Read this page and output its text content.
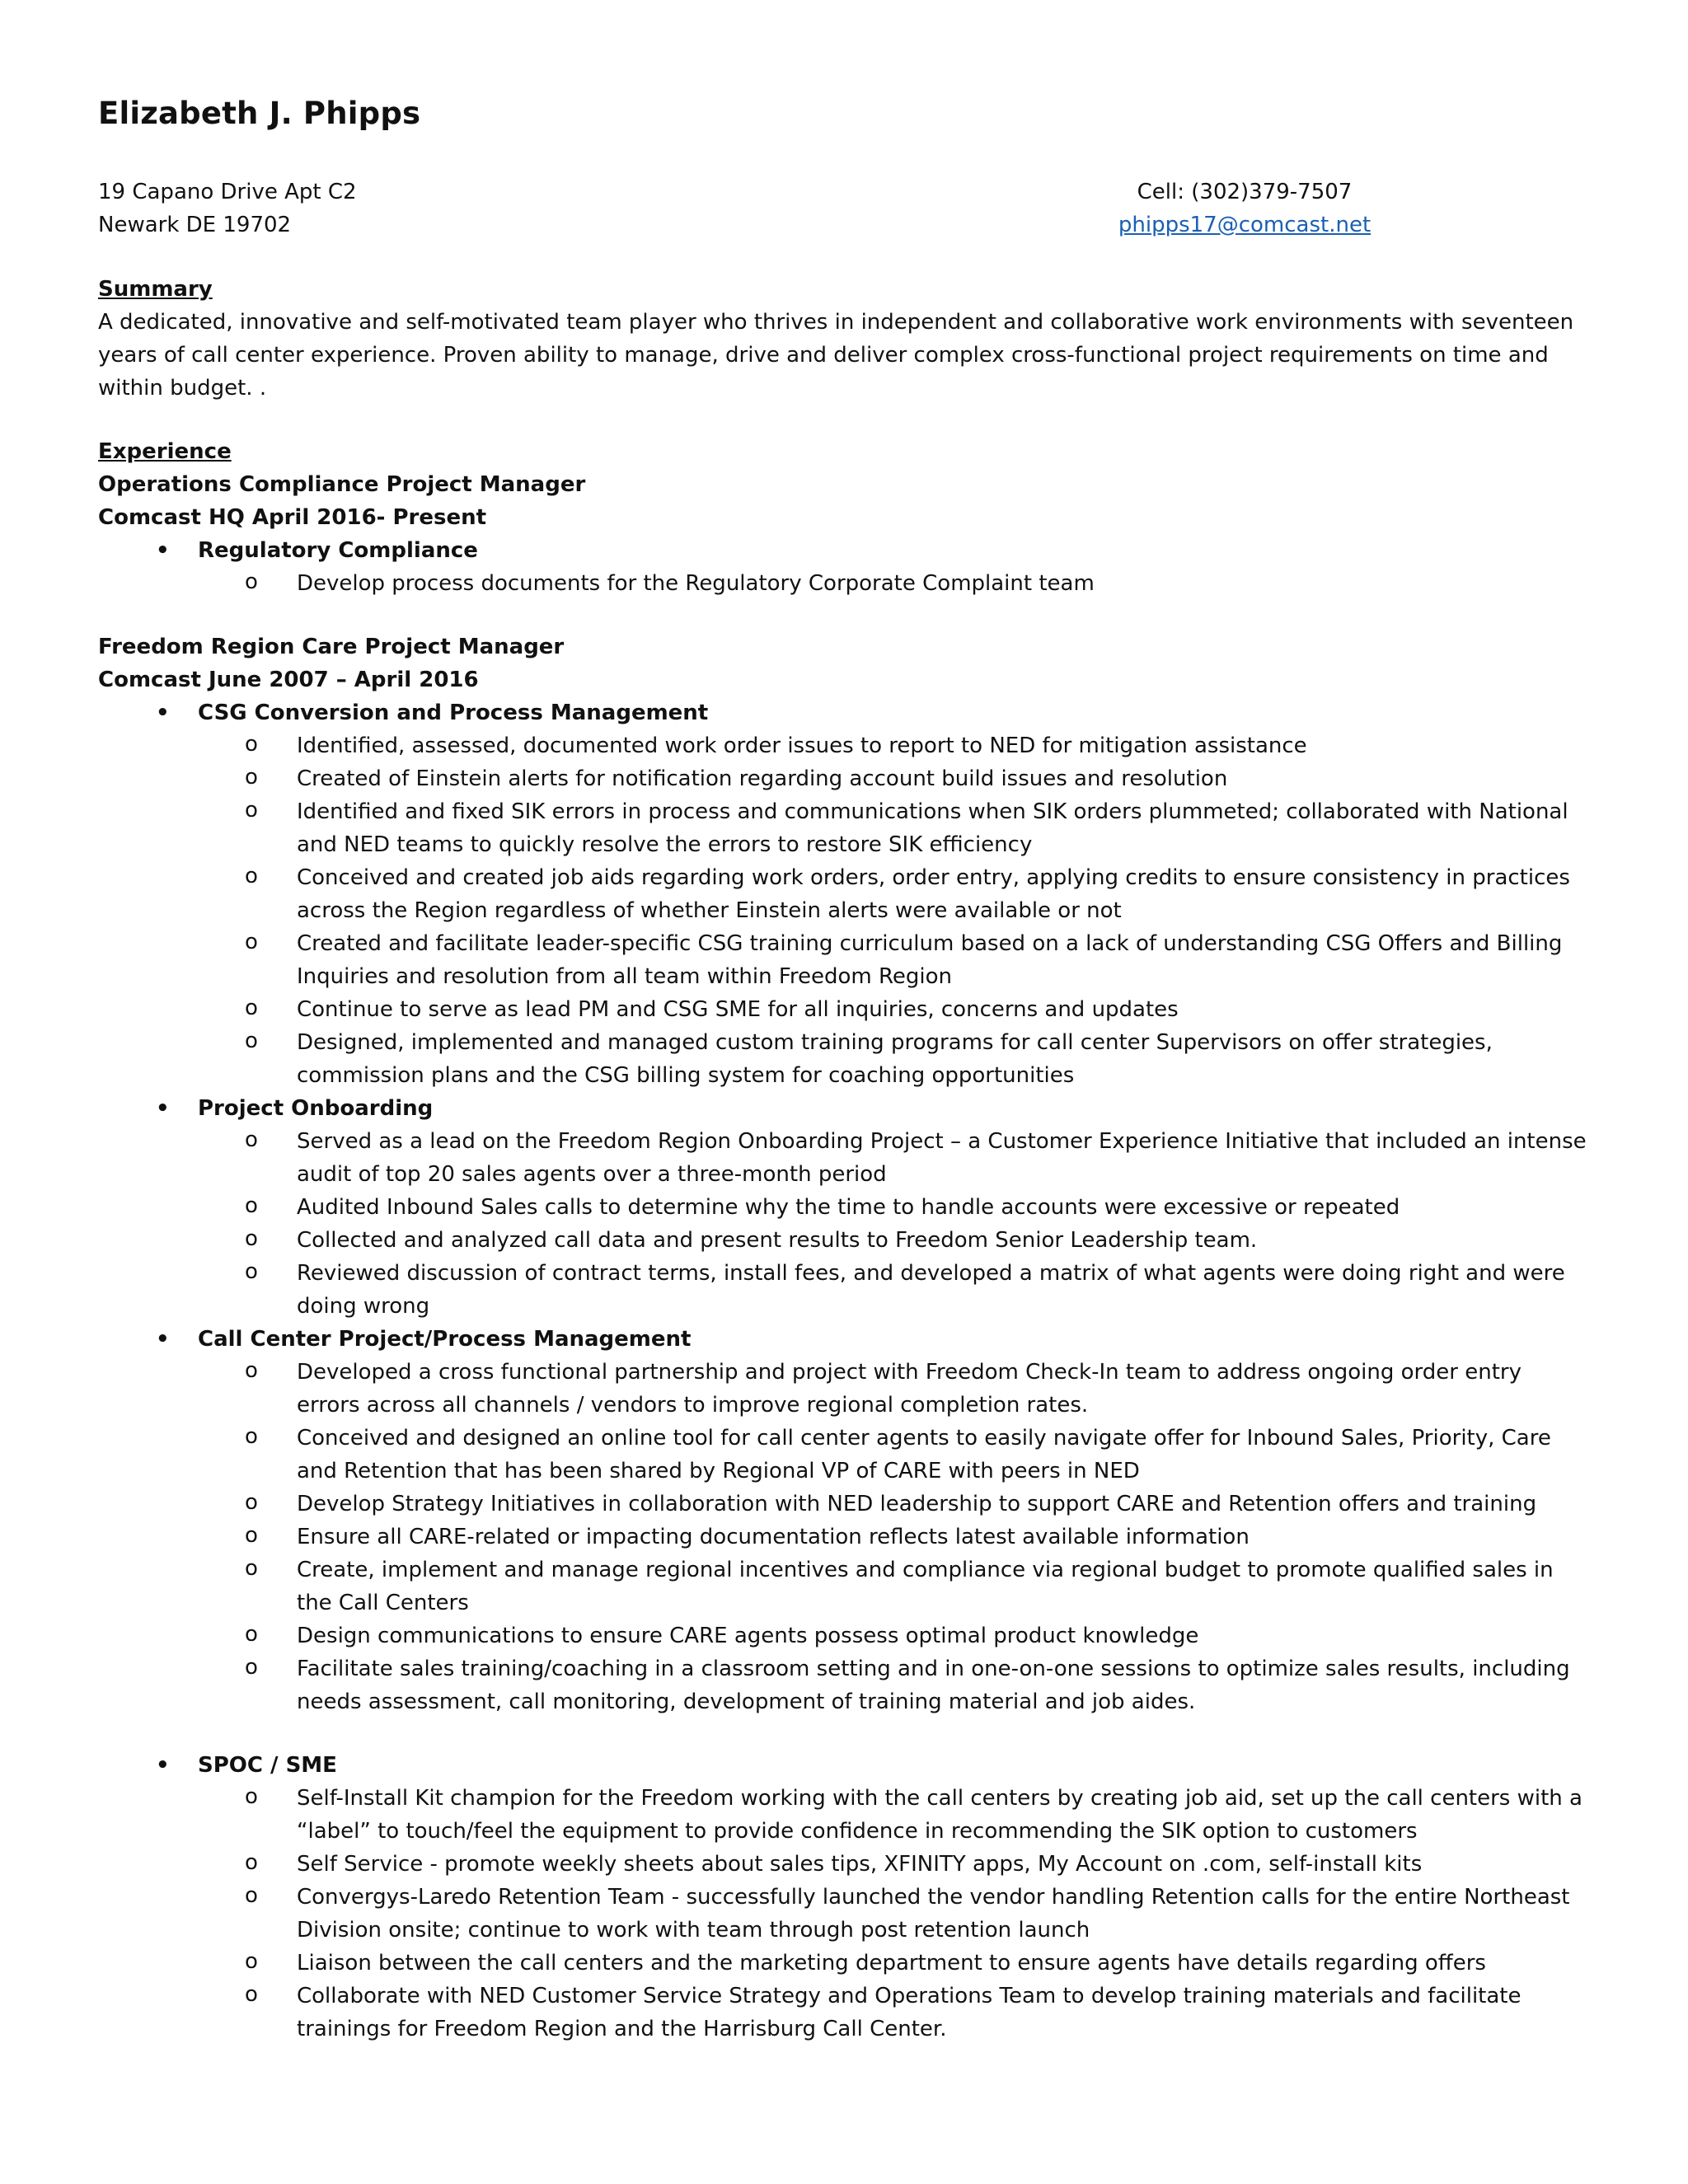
Elizabeth J. Phipps
19 Capano Drive Apt C2
Newark DE 19702
Cell: (302)379-7507
phipps17@comcast.net
Summary

A dedicated, innovative and self-motivated team player who thrives in independent and collaborative work environments with seventeen years of call center experience. Proven ability to manage, drive and deliver complex cross-functional project requirements on time and within budget. .

Experience
Operations Compliance Project Manager
Comcast HQ April 2016- Present
• Regulatory Compliance
o Develop process documents for the Regulatory Corporate Complaint team
Freedom Region Care Project Manager
Comcast June 2007 – April 2016
• CSG Conversion and Process Management
o Identified, assessed, documented work order issues to report to NED for mitigation assistance
o Created of Einstein alerts for notification regarding account build issues and resolution
o Identified and fixed SIK errors in process and communications when SIK orders plummeted; collaborated with National and NED teams to quickly resolve the errors to restore SIK efficiency
o Conceived and created job aids regarding work orders, order entry, applying credits to ensure consistency in practices across the Region regardless of whether Einstein alerts were available or not
o Created and facilitate leader-specific CSG training curriculum based on a lack of understanding CSG Offers and Billing Inquiries and resolution from all team within Freedom Region
o Continue to serve as lead PM and CSG SME for all inquiries, concerns and updates
o Designed, implemented and managed custom training programs for call center Supervisors on offer strategies, commission plans and the CSG billing system for coaching opportunities
• Project Onboarding
o Served as a lead on the Freedom Region Onboarding Project – a Customer Experience Initiative that included an intense audit of top 20 sales agents over a three-month period
o Audited Inbound Sales calls to determine why the time to handle accounts were excessive or repeated
o Collected and analyzed call data and present results to Freedom Senior Leadership team.
o Reviewed discussion of contract terms, install fees, and developed a matrix of what agents were doing right and were doing wrong
• Call Center Project/Process Management
o Developed a cross functional partnership and project with Freedom Check-In team to address ongoing order entry errors across all channels / vendors to improve regional completion rates.
o Conceived and designed an online tool for call center agents to easily navigate offer for Inbound Sales, Priority, Care and Retention that has been shared by Regional VP of CARE with peers in NED
o Develop Strategy Initiatives in collaboration with NED leadership to support CARE and Retention offers and training
o Ensure all CARE-related or impacting documentation reflects latest available information
o Create, implement and manage regional incentives and compliance via regional budget to promote qualified sales in the Call Centers
o Design communications to ensure CARE agents possess optimal product knowledge
o Facilitate sales training/coaching in a classroom setting and in one-on-one sessions to optimize sales results, including needs assessment, call monitoring, development of training material and job aides.
• SPOC / SME
o Self-Install Kit champion for the Freedom working with the call centers by creating job aid, set up the call centers with a “label” to touch/feel the equipment to provide confidence in recommending the SIK option to customers
o Self Service - promote weekly sheets about sales tips, XFINITY apps, My Account on .com, self-install kits
o Convergys-Laredo Retention Team - successfully launched the vendor handling Retention calls for the entire Northeast Division onsite; continue to work with team through post retention launch
o Liaison between the call centers and the marketing department to ensure agents have details regarding offers
o Collaborate with NED Customer Service Strategy and Operations Team to develop training materials and facilitate trainings for Freedom Region and the Harrisburg Call Center.
